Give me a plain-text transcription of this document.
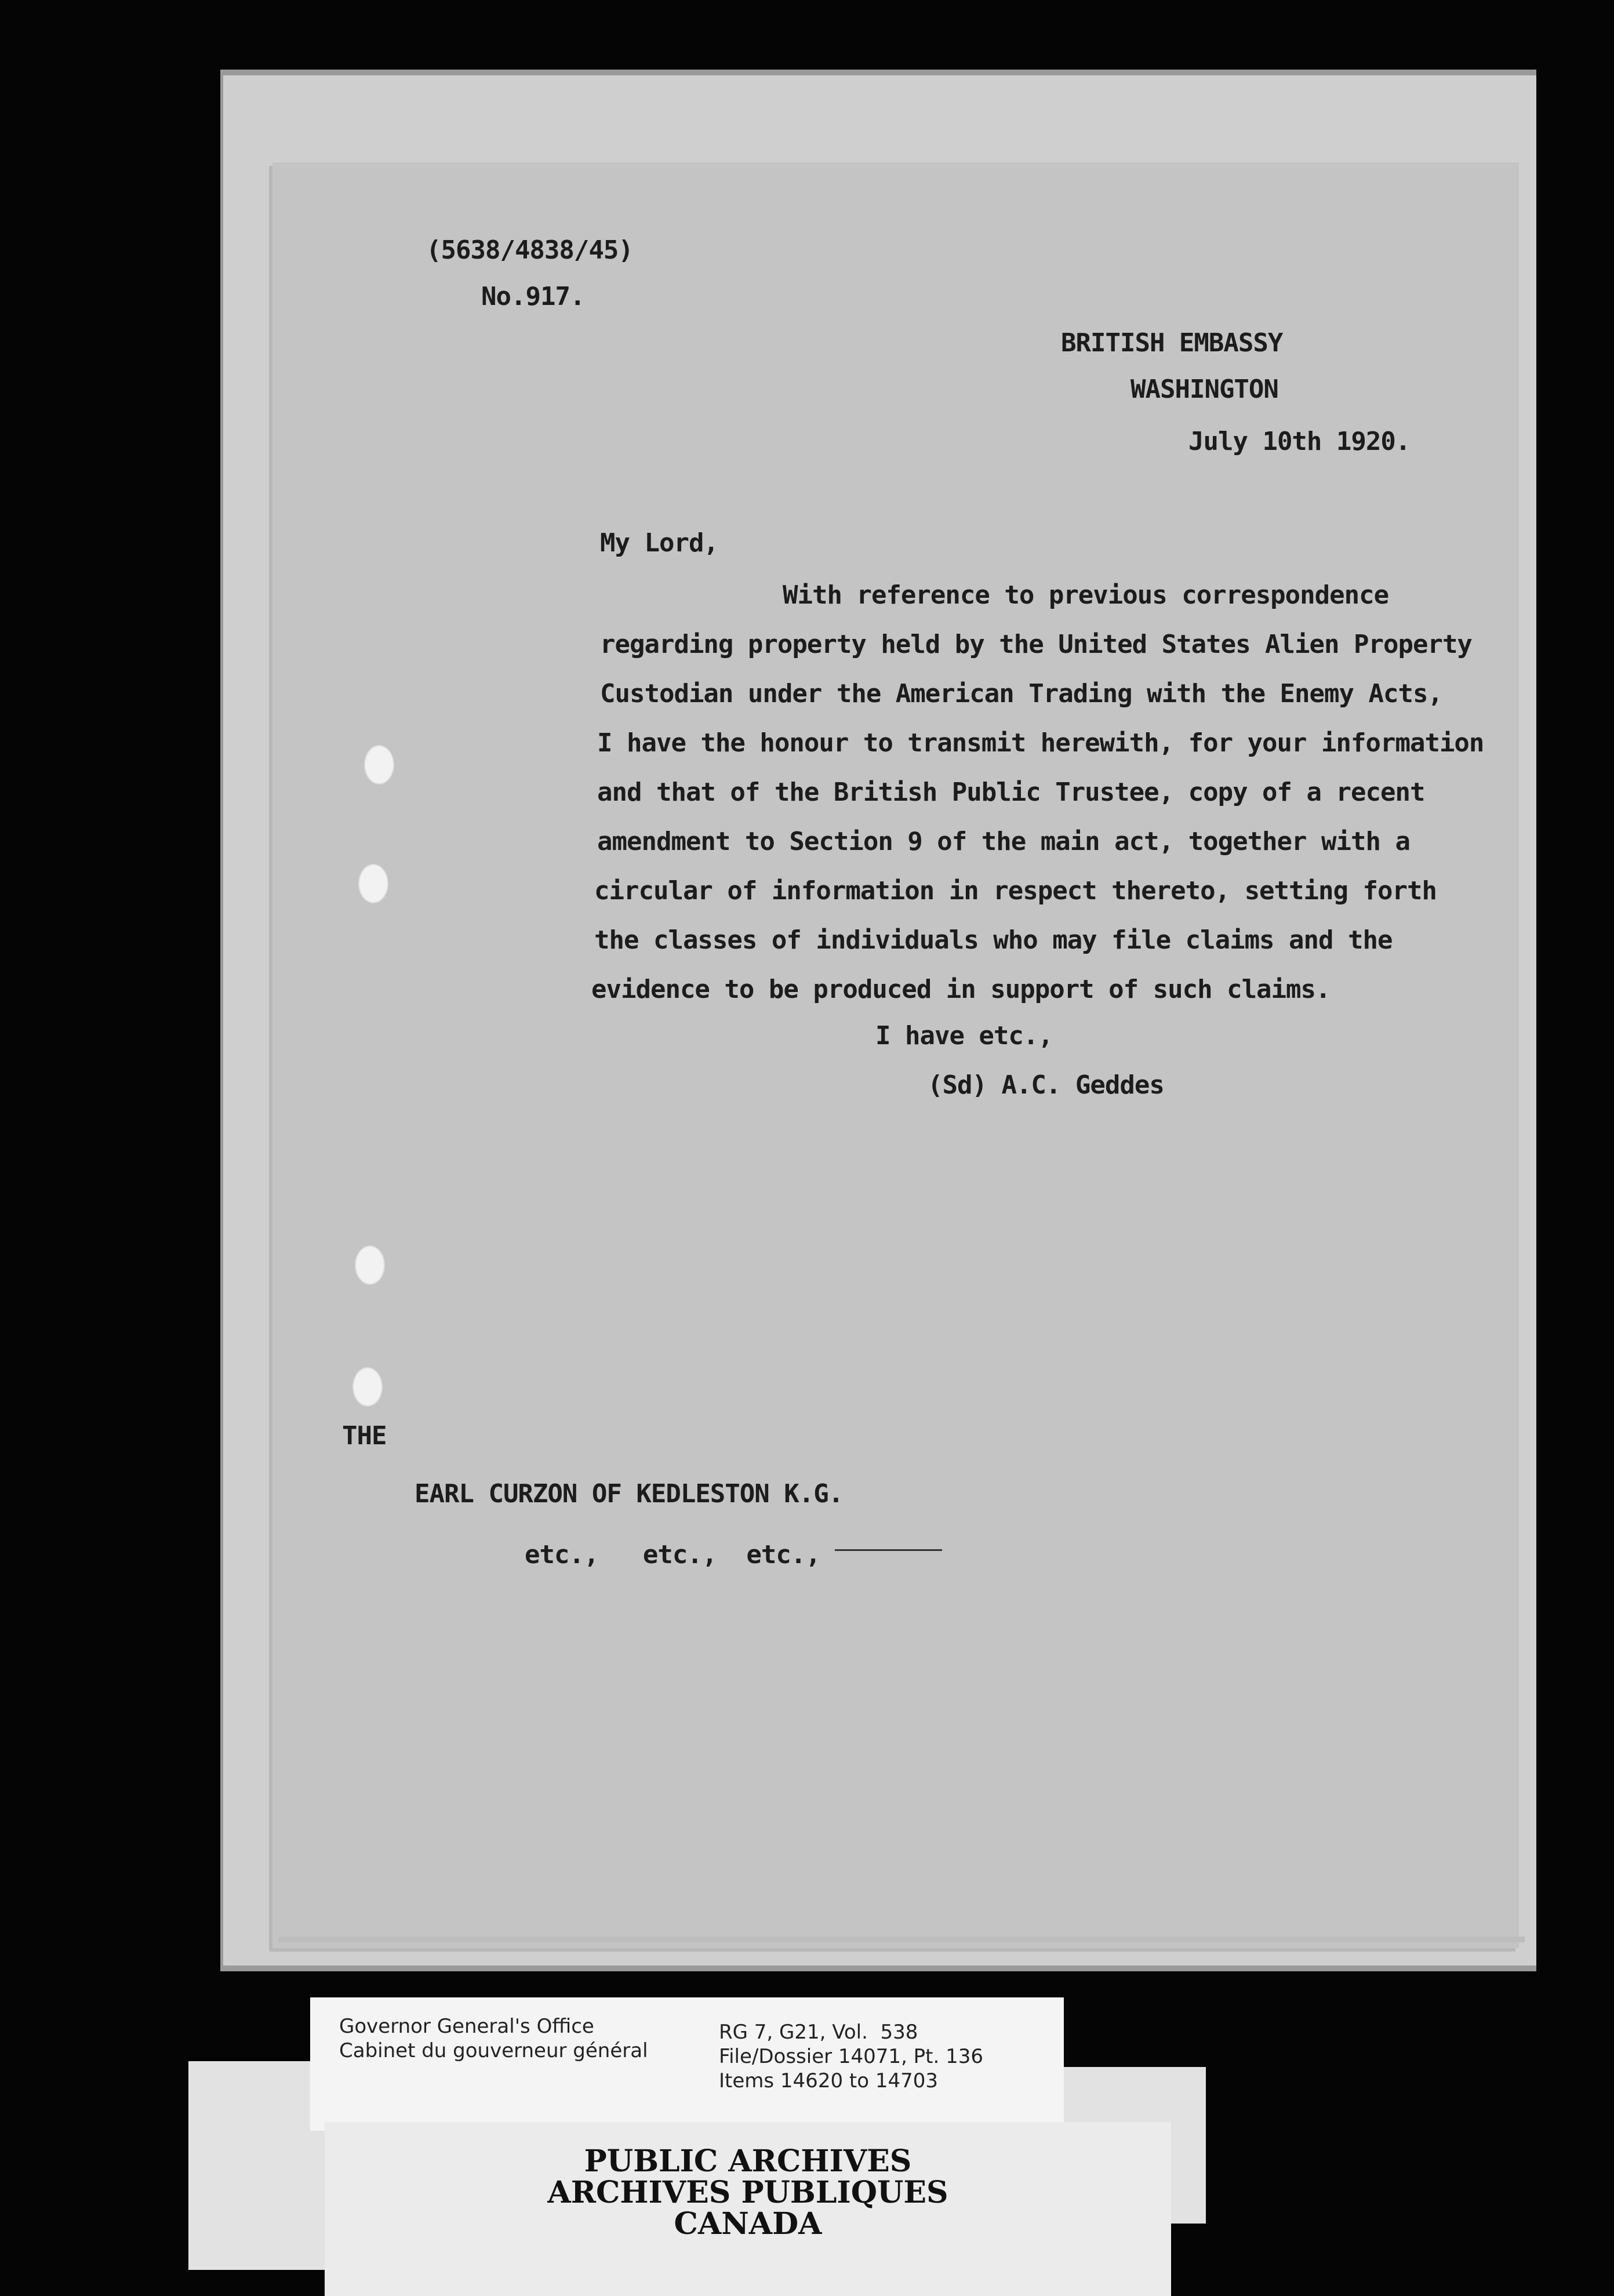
(5638/4838/45)

No.917.

BRITISH EMBASSY

WASHINGTON

July 10th 1920.

My Lord,

With reference to previous correspondence

regarding property held by the United States Alien Property

Custodian under the American Trading with the Enemy Acts,

I have the honour to transmit herewith, for your information

and that of the British Public Trustee, copy of a recent

amendment to Section 9 of the main act, together with a

circular of information in respect thereto, setting forth

the classes of individuals who may file claims and the

evidence to be produced in support of such claims.

I have etc.,

(Sd) A.C. Geddes

THE

EARL CURZON OF KEDLESTON K.G.

etc.,   etc.,  etc.,

Governor General's Office

Cabinet du gouverneur général

RG 7, G21, Vol.  538

File/Dossier 14071, Pt. 136

Items 14620 to 14703

PUBLIC ARCHIVES

ARCHIVES PUBLIQUES

CANADA
